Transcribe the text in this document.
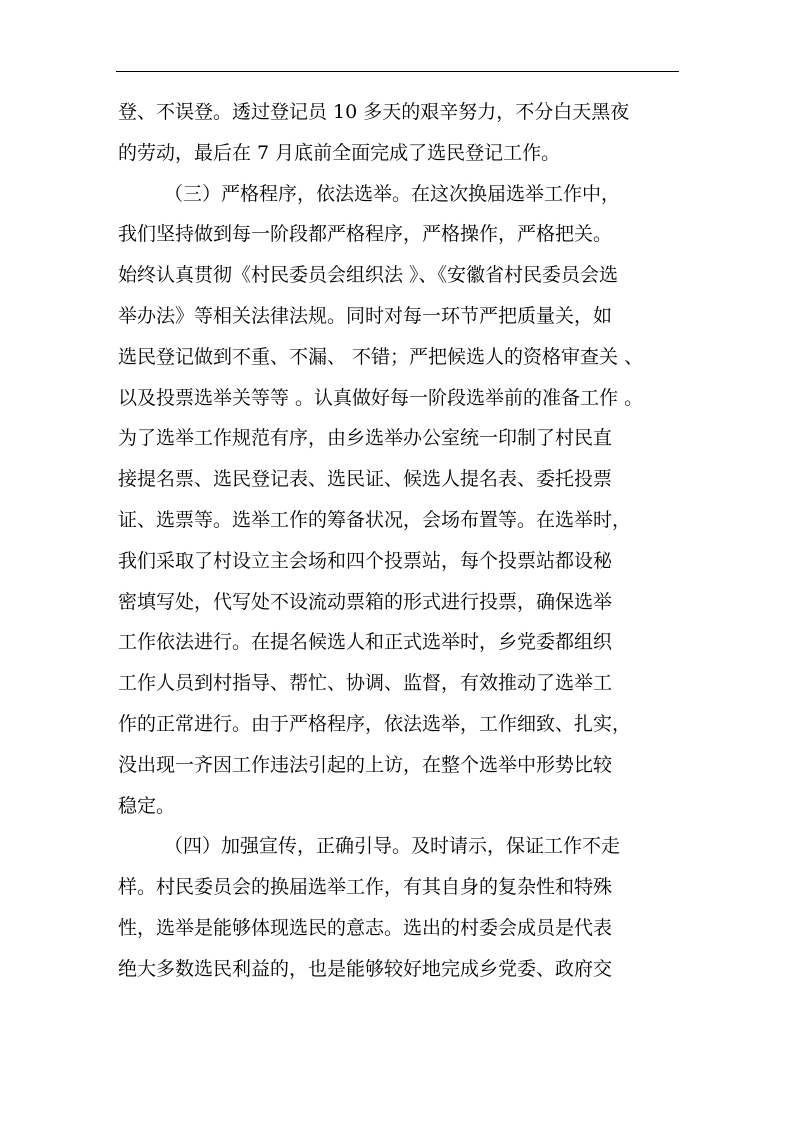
登、不误登。透过登记员 10 多天的艰辛努力，不分白天黑夜
的劳动，最后在 7 月底前全面完成了选民登记工作。
（三）严格程序，依法选举。在这次换届选举工作中，
我们坚持做到每一阶段都严格程序，严格操作，严格把关。
始终认真贯彻《村民委员会组织法 》、《安徽省村民委员会选
举办法》等相关法律法规。同时对每一环节严把质量关，如
选民登记做到不重、不漏、 不错；严把候选人的资格审查关 、
以及投票选举关等等 。认真做好每一阶段选举前的准备工作 。
为了选举工作规范有序，由乡选举办公室统一印制了村民直
接提名票、选民登记表、选民证、候选人提名表、委托投票
证、选票等。选举工作的筹备状况，会场布置等。在选举时，
我们采取了村设立主会场和四个投票站，每个投票站都设秘
密填写处，代写处不设流动票箱的形式进行投票，确保选举
工作依法进行。在提名候选人和正式选举时，乡党委都组织
工作人员到村指导、帮忙、协调、监督，有效推动了选举工
作的正常进行。由于严格程序，依法选举，工作细致、扎实，
没出现一齐因工作违法引起的上访，在整个选举中形势比较
稳定。
（四）加强宣传，正确引导。及时请示，保证工作不走
样。村民委员会的换届选举工作，有其自身的复杂性和特殊
性，选举是能够体现选民的意志。选出的村委会成员是代表
绝大多数选民利益的，也是能够较好地完成乡党委、政府交
